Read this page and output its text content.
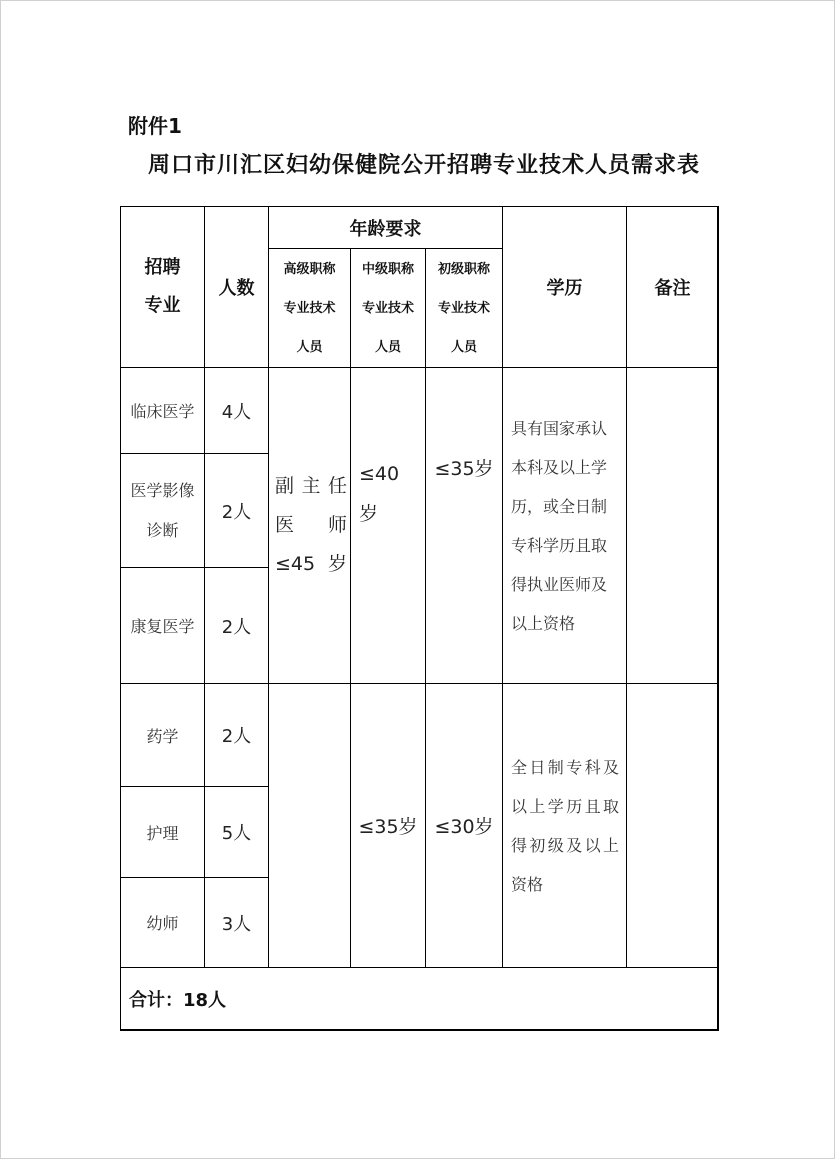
附件1
周口市川汇区妇幼保健院公开招聘专业技术人员需求表
招聘专业
人数
年龄要求
高级职称专业技术人员
中级职称专业技术人员
初级职称专业技术人员
学历	备注
临床医学 4人
医学影像诊断
2人
康复医学 2人
副主任医师≤45岁
≤40岁
≤35岁
具有国家承认本科及以上学历，或全日制专科学历且取得执业医师及以上资格
药学 2人
护理 5人
幼师 3人
≤35岁 ≤30岁
全日制专科及以上学历且取得初级及以上资格
合计：18人
